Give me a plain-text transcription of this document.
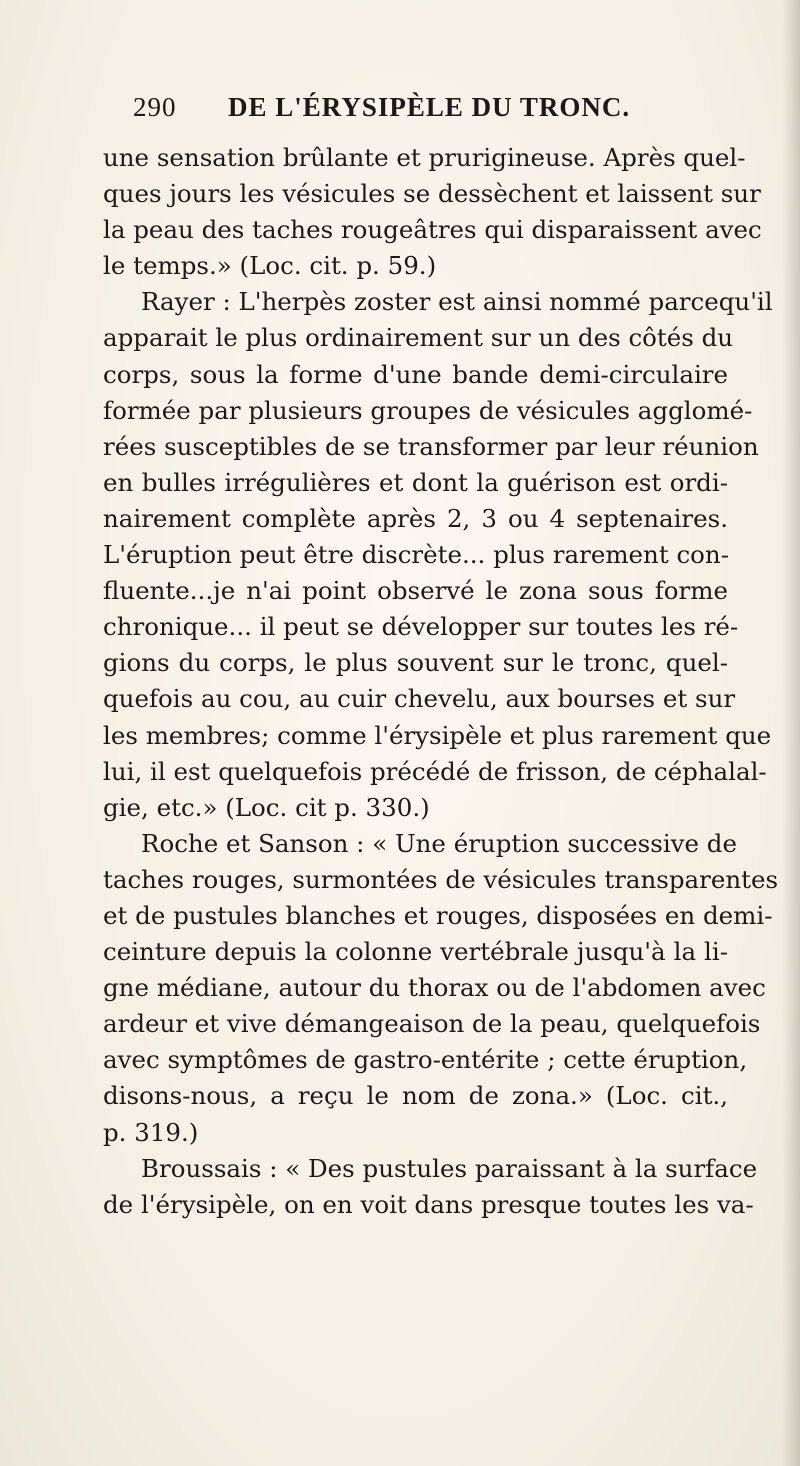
290 DE L'ÉRYSIPÈLE DU TRONC.
une sensation brûlante et prurigineuse. Après quel-
ques jours les vésicules se dessèchent et laissent sur
la peau des taches rougeâtres qui disparaissent avec
le temps.» (Loc. cit. p. 59.)
Rayer : L'herpès zoster est ainsi nommé parcequ'il
apparait le plus ordinairement sur un des côtés du
corps, sous la forme d'une bande demi-circulaire
formée par plusieurs groupes de vésicules agglomé-
rées susceptibles de se transformer par leur réunion
en bulles irrégulières et dont la guérison est ordi-
nairement complète après 2, 3 ou 4 septenaires.
L'éruption peut être discrète... plus rarement con-
fluente...je n'ai point observé le zona sous forme
chronique... il peut se développer sur toutes les ré-
gions du corps, le plus souvent sur le tronc, quel-
quefois au cou, au cuir chevelu, aux bourses et sur
les membres; comme l'érysipèle et plus rarement que
lui, il est quelquefois précédé de frisson, de céphalal-
gie, etc.» (Loc. cit p. 330.)
Roche et Sanson : « Une éruption successive de
taches rouges, surmontées de vésicules transparentes
et de pustules blanches et rouges, disposées en demi-
ceinture depuis la colonne vertébrale jusqu'à la li-
gne médiane, autour du thorax ou de l'abdomen avec
ardeur et vive démangeaison de la peau, quelquefois
avec symptômes de gastro-entérite ; cette éruption,
disons-nous, a reçu le nom de zona.» (Loc. cit.,
p. 319.)
Broussais : « Des pustules paraissant à la surface
de l'érysipèle, on en voit dans presque toutes les va-
